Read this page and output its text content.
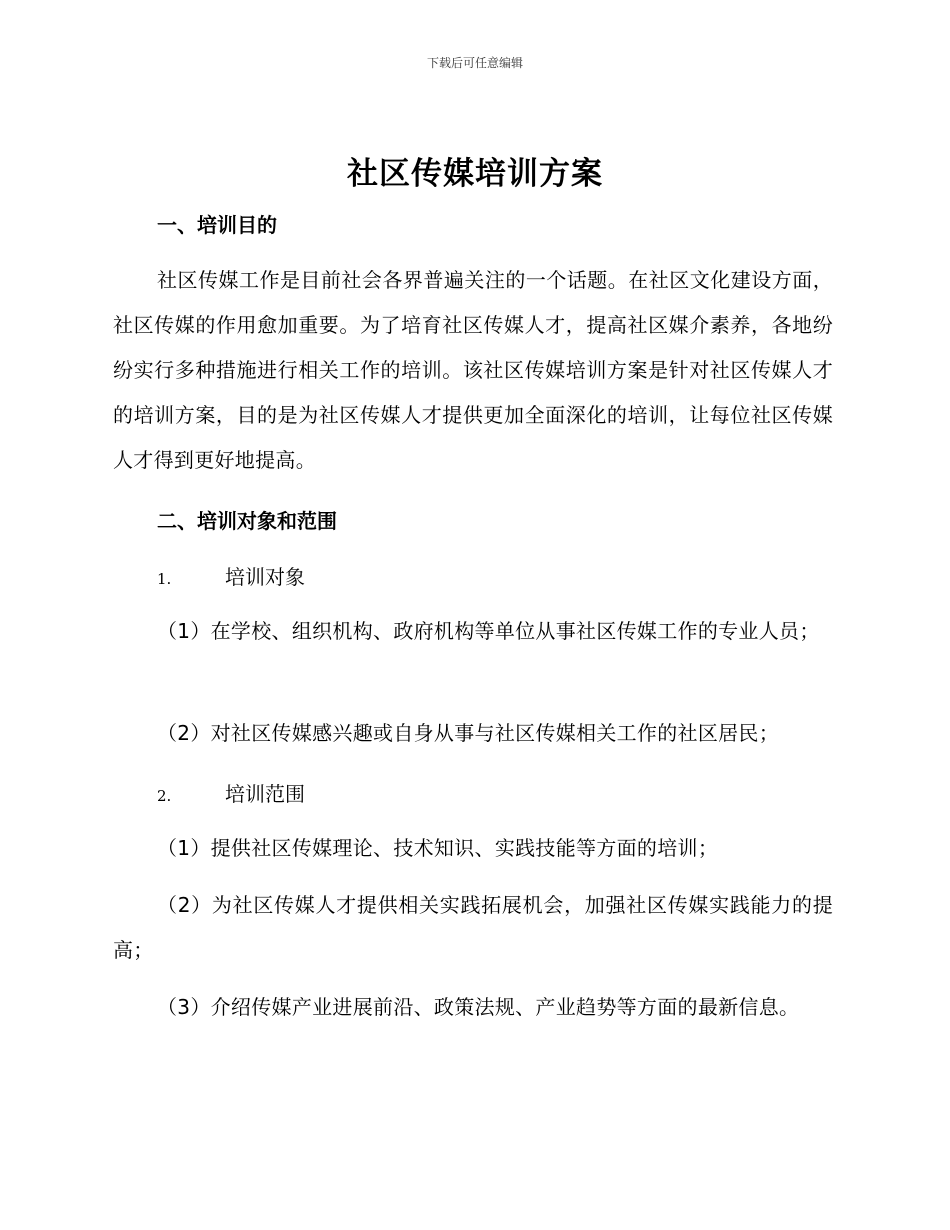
下载后可任意编辑
社区传媒培训方案
一、培训目的
社区传媒工作是目前社会各界普遍关注的一个话题。在社区文化建设方面，社区传媒的作用愈加重要。为了培育社区传媒人才，提高社区媒介素养，各地纷纷实行多种措施进行相关工作的培训。该社区传媒培训方案是针对社区传媒人才的培训方案，目的是为社区传媒人才提供更加全面深化的培训，让每位社区传媒人才得到更好地提高。
二、培训对象和范围
1.	培训对象
（1）在学校、组织机构、政府机构等单位从事社区传媒工作的专业人员；
（2）对社区传媒感兴趣或自身从事与社区传媒相关工作的社区居民；
2.	培训范围
（1）提供社区传媒理论、技术知识、实践技能等方面的培训；
（2）为社区传媒人才提供相关实践拓展机会，加强社区传媒实践能力的提高；
（3）介绍传媒产业进展前沿、政策法规、产业趋势等方面的最新信息。
